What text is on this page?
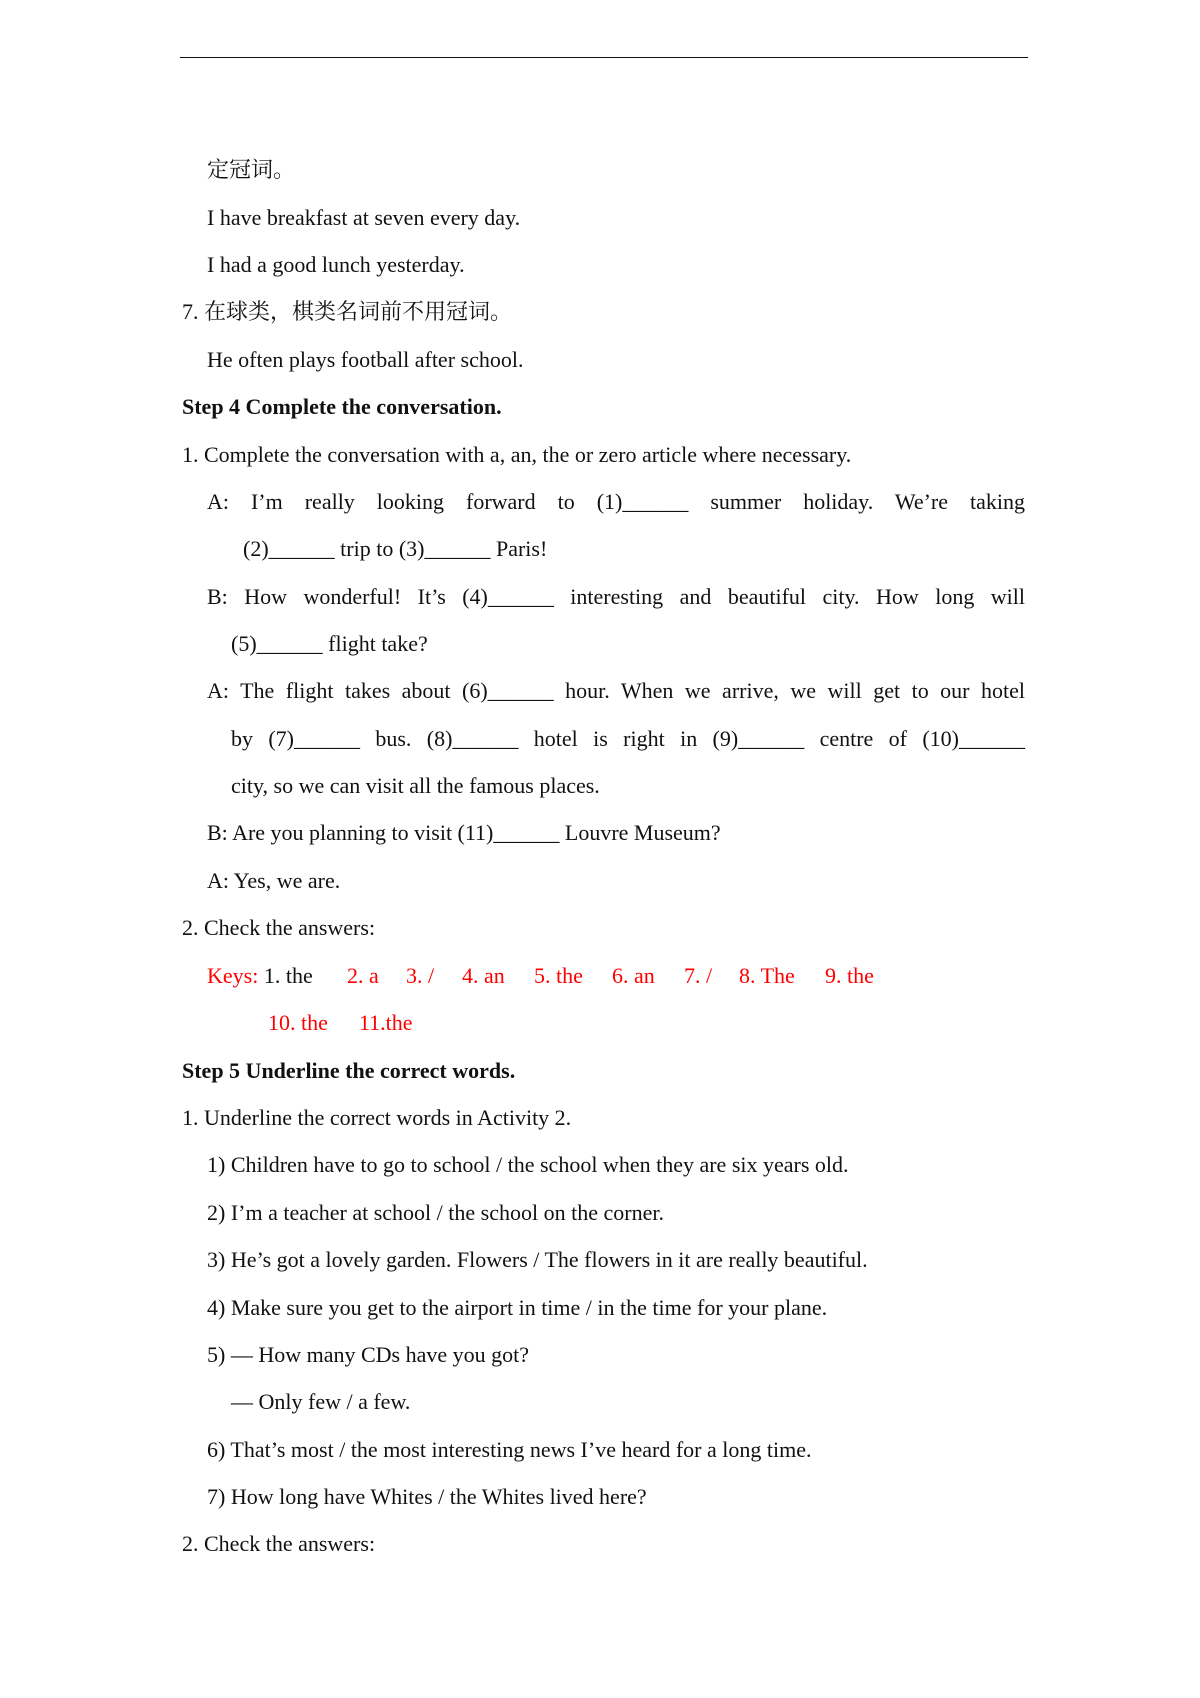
定冠词。
I have breakfast at seven every day.
I had a good lunch yesterday.
7. 在球类，棋类名词前不用冠词。
He often plays football after school.
Step 4 Complete the conversation.
1. Complete the conversation with a, an, the or zero article where necessary.
A: I’m really looking forward to (1)______ summer holiday. We’re taking
(2)______ trip to (3)______ Paris!
B: How wonderful! It’s (4)______ interesting and beautiful city. How long will
(5)______ flight take?
A: The flight takes about (6)______ hour. When we arrive, we will get to our hotel
by (7)______ bus. (8)______ hotel is right in (9)______ centre of (10)______
city, so we can visit all the famous places.
B: Are you planning to visit (11)______ Louvre Museum?
A: Yes, we are.
2. Check the answers:
Keys: 1. the 2. a 3. / 4. an 5. the 6. an 7. / 8. The 9. the
10. the 11.the
Step 5 Underline the correct words.
1. Underline the correct words in Activity 2.
1) Children have to go to school / the school when they are six years old.
2) I’m a teacher at school / the school on the corner.
3) He’s got a lovely garden. Flowers / The flowers in it are really beautiful.
4) Make sure you get to the airport in time / in the time for your plane.
5) — How many CDs have you got?
— Only few / a few.
6) That’s most / the most interesting news I’ve heard for a long time.
7) How long have Whites / the Whites lived here?
2. Check the answers:
